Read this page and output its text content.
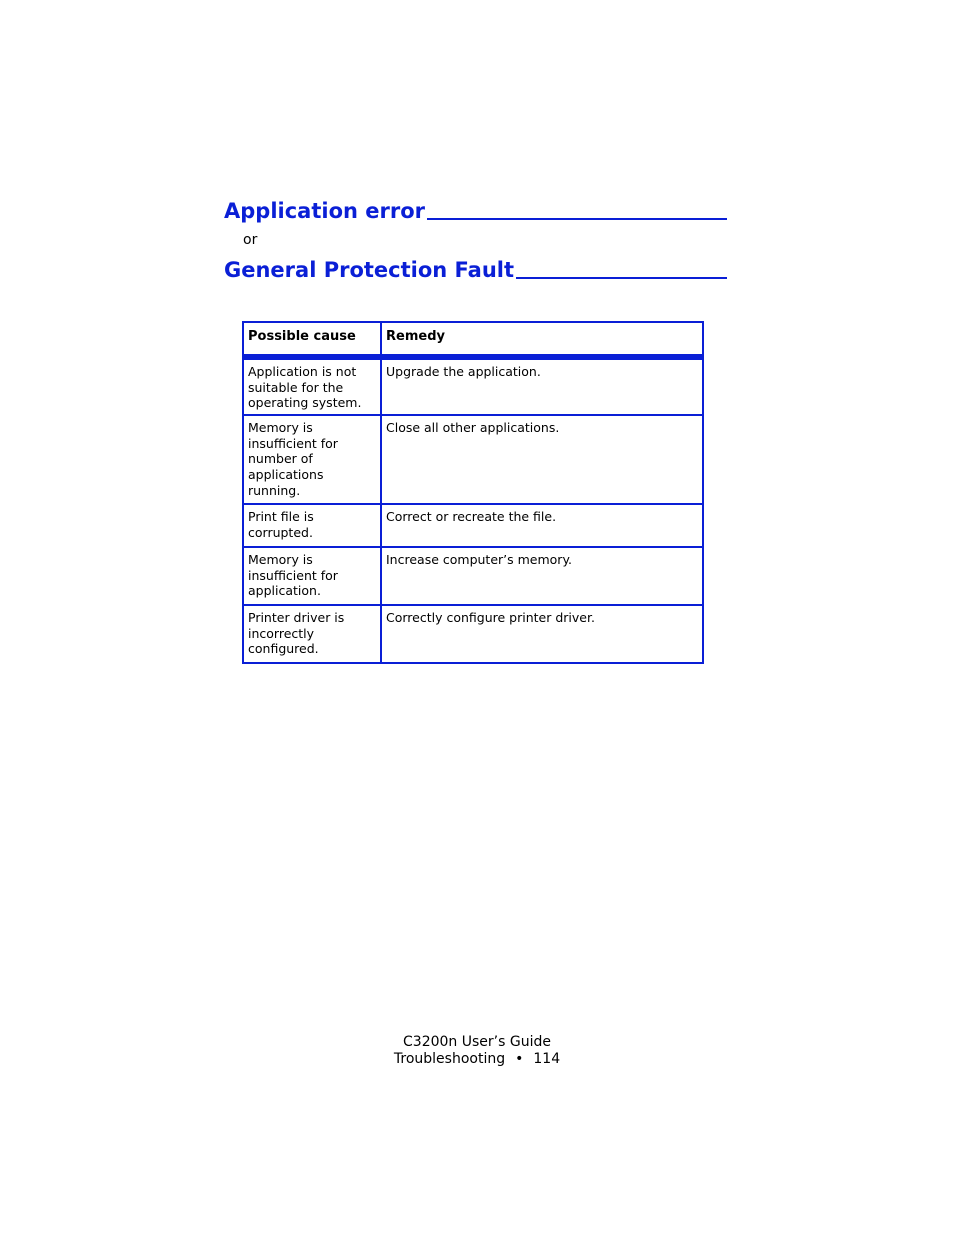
Application error
or
General Protection Fault
Possible cause	Remedy
Application is not suitable for the operating system.	Upgrade the application.
Memory is insufficient for number of applications running.	Close all other applications.
Print file is corrupted.	Correct or recreate the file.
Memory is insufficient for application.	Increase computer’s memory.
Printer driver is incorrectly configured.	Correctly configure printer driver.
C3200n User’s Guide
Troubleshooting • 114
